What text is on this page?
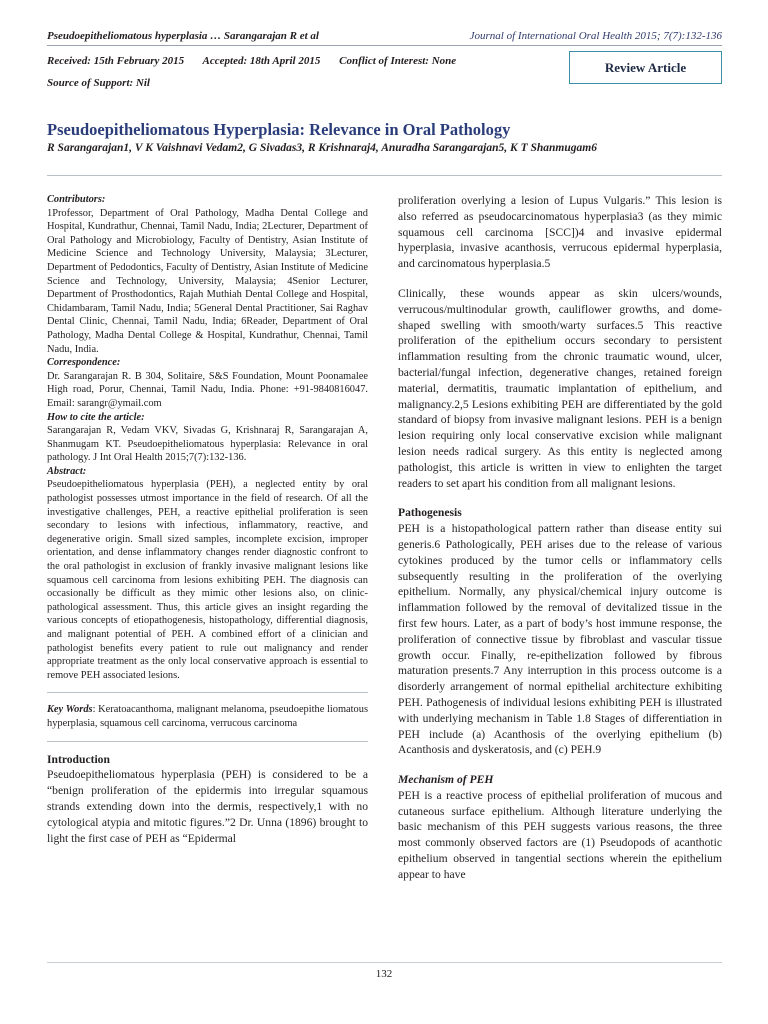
Pseudoepitheliomatous hyperplasia … Sarangarajan R et al	Journal of International Oral Health 2015; 7(7):132-136
Received: 15th February 2015 Accepted: 18th April 2015 Conflict of Interest: None
Source of Support: Nil
Review Article
Pseudoepitheliomatous Hyperplasia: Relevance in Oral Pathology
R Sarangarajan1, V K Vaishnavi Vedam2, G Sivadas3, R Krishnaraj4, Anuradha Sarangarajan5, K T Shanmugam6
Contributors:

1Professor, Department of Oral Pathology, Madha Dental College and Hospital, Kundrathur, Chennai, Tamil Nadu, India; 2Lecturer, Department of Oral Pathology and Microbiology, Faculty of Dentistry, Asian Institute of Medicine Science and Technology University, Malaysia; 3Lecturer, Department of Pedodontics, Faculty of Dentistry, Asian Institute of Medicine Science and Technology, University, Malaysia; 4Senior Lecturer, Department of Prosthodontics, Rajah Muthiah Dental College and Hospital, Chidambaram, Tamil Nadu, India; 5General Dental Practitioner, Sai Raghav Dental Clinic, Chennai, Tamil Nadu, India; 6Reader, Department of Oral Pathology, Madha Dental College & Hospital, Kundrathur, Chennai, Tamil Nadu, India.

Correspondence:

Dr. Sarangarajan R. B 304, Solitaire, S&S Foundation, Mount Poonamalee High road, Porur, Chennai, Tamil Nadu, India. Phone: +91-9840816047. Email: sarangr@ymail.com

How to cite the article:

Sarangarajan R, Vedam VKV, Sivadas G, Krishnaraj R, Sarangarajan A, Shanmugam KT. Pseudoepitheliomatous hyperplasia: Relevance in oral pathology. J Int Oral Health 2015;7(7):132-136.

Abstract:

Pseudoepitheliomatous hyperplasia (PEH), a neglected entity by oral pathologist possesses utmost importance in the field of research. Of all the investigative challenges, PEH, a reactive epithelial proliferation is seen secondary to lesions with infectious, inflammatory, reactive, and degenerative origin. Small sized samples, incomplete excision, improper orientation, and dense inflammatory changes render diagnostic confront to the oral pathologist in exclusion of frankly invasive malignant lesions like squamous cell carcinoma from lesions exhibiting PEH. The diagnosis can occasionally be difficult as they mimic other lesions also, on clinic-pathological assessment. Thus, this article gives an insight regarding the various concepts of etiopathogenesis, histopathology, differential diagnosis, and malignant potential of PEH. A combined effort of a clinician and pathologist benefits every patient to rule out malignancy and render appropriate treatment as the only local conservative approach is essential to remove PEH associated lesions.

Key Words: Keratoacanthoma, malignant melanoma, pseudoepithe liomatous hyperplasia, squamous cell carcinoma, verrucous carcinoma

Introduction

Pseudoepitheliomatous hyperplasia (PEH) is considered to be a “benign proliferation of the epidermis into irregular squamous strands extending down into the dermis, respectively,1 with no cytological atypia and mitotic figures.”2 Dr. Unna (1896) brought to light the first case of PEH as “Epidermal

proliferation overlying a lesion of Lupus Vulgaris.” This lesion is also referred as pseudocarcinomatous hyperplasia3 (as they mimic squamous cell carcinoma [SCC])4 and invasive epidermal hyperplasia, invasive acanthosis, verrucous epidermal hyperplasia, and carcinomatous hyperplasia.5

Clinically, these wounds appear as skin ulcers/wounds, verrucous/multinodular growth, cauliflower growths, and dome-shaped swelling with smooth/warty surfaces.5 This reactive proliferation of the epithelium occurs secondary to persistent inflammation resulting from the chronic traumatic wound, ulcer, bacterial/fungal infection, degenerative changes, retained foreign material, dermatitis, traumatic implantation of epithelium, and malignancy.2,5 Lesions exhibiting PEH are differentiated by the gold standard of biopsy from invasive malignant lesions. PEH is a benign lesion requiring only local conservative excision while malignant lesion needs radical surgery. As this entity is neglected among pathologist, this article is written in view to enlighten the target readers to set apart his condition from all malignant lesions.

Pathogenesis

PEH is a histopathological pattern rather than disease entity sui generis.6 Pathologically, PEH arises due to the release of various cytokines produced by the tumor cells or inflammatory cells subsequently resulting in the proliferation of the overlying epithelium. Normally, any physical/chemical injury outcome is inflammation followed by the removal of devitalized tissue in the first few hours. Later, as a part of body’s host immune response, the proliferation of connective tissue by fibroblast and vascular tissue growth occur. Finally, re-epithelization followed by fibrous maturation presents.7 Any interruption in this process outcome is a disorderly arrangement of normal epithelial architecture exhibiting PEH. Pathogenesis of individual lesions exhibiting PEH is illustrated with underlying mechanism in Table 1.8 Stages of differentiation in PEH include (a) Acanthosis of the overlying epithelium (b) Acanthosis and dyskeratosis, and (c) PEH.9

Mechanism of PEH

PEH is a reactive process of epithelial proliferation of mucous and cutaneous surface epithelium. Although literature underlying the basic mechanism of this PEH suggests various reasons, the three most commonly observed factors are (1) Pseudopods of acanthotic epithelium observed in tangential sections wherein the epithelium appear to have

132
